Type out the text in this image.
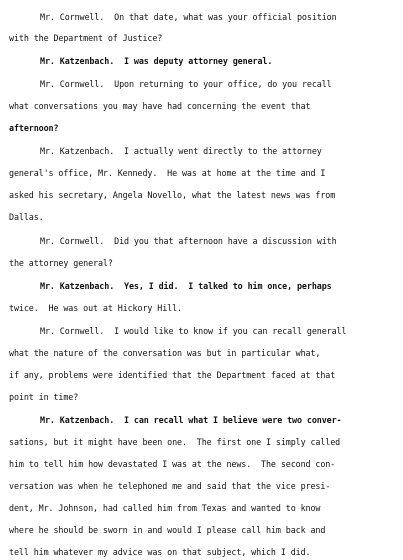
Mr. Cornwell.  On that date, what was your official position
with the Department of Justice?
Mr. Katzenbach.  I was deputy attorney general.
Mr. Cornwell.  Upon returning to your office, do you recall
what conversations you may have had concerning the event that
afternoon?
Mr. Katzenbach.  I actually went directly to the attorney
general's office, Mr. Kennedy.  He was at home at the time and I
asked his secretary, Angela Novello, what the latest news was from
Dallas.
Mr. Cornwell.  Did you that afternoon have a discussion with
the attorney general?
Mr. Katzenbach.  Yes, I did.  I talked to him once, perhaps
twice.  He was out at Hickory Hill.
Mr. Cornwell.  I would like to know if you can recall generall
what the nature of the conversation was but in particular what,
if any, problems were identified that the Department faced at that
point in time?
Mr. Katzenbach.  I can recall what I believe were two conver-
sations, but it might have been one.  The first one I simply called
him to tell him how devastated I was at the news.  The second con-
versation was when he telephoned me and said that the vice presi-
dent, Mr. Johnson, had called him from Texas and wanted to know
where he should be sworn in and would I please call him back and
tell him whatever my advice was on that subject, which I did.
